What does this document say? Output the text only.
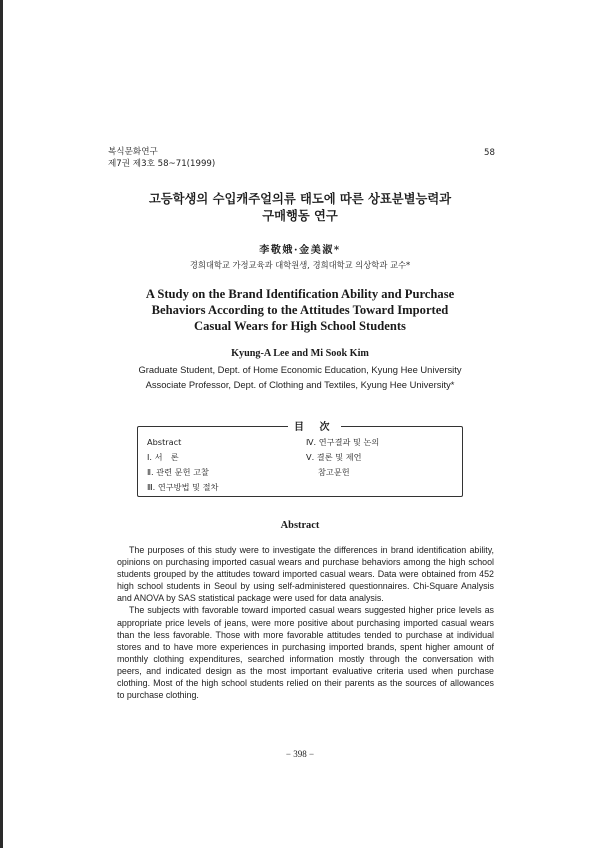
복식문화연구
제7권 제3호 58~71(1999)
58
고등학생의 수입캐주얼의류 태도에 따른 상표분별능력과
구매행동 연구
李敬娥·金美淑*
경희대학교 가정교육과 대학원생, 경희대학교 의상학과 교수*
A Study on the Brand Identification Ability and Purchase
Behaviors According to the Attitudes Toward Imported
Casual Wears for High School Students
Kyung-A Lee and Mi Sook Kim
Graduate Student, Dept. of Home Economic Education, Kyung Hee University
Associate Professor, Dept. of Clothing and Textiles, Kyung Hee University*
目 次
Abstract
Ⅰ. 서　론
Ⅱ. 관련 문헌 고찰
Ⅲ. 연구방법 및 절차
Ⅳ. 연구결과 및 논의
Ⅴ. 결론 및 제언
참고문헌
Abstract

The purposes of this study were to investigate the differences in brand identification ability, opinions on purchasing imported casual wears and purchase behaviors among the high school students grouped by the attitudes toward imported casual wears. Data were obtained from 452 high school students in Seoul by using self-administered questionnaires. Chi-Square Analysis and ANOVA by SAS statistical package were used for data analysis.

The subjects with favorable toward imported casual wears suggested higher price levels as appropriate price levels of jeans, were more positive about purchasing imported casual wears than the less favorable. Those with more favorable attitudes tended to purchase at individual stores and to have more experiences in purchasing imported brands, spent higher amount of monthly clothing expenditures, searched information mostly through the conversation with peers, and indicated design as the most important evaluative criteria used when purchase clothing. Most of the high school students relied on their parents as the sources of allowances to purchase clothing.

− 398 −
